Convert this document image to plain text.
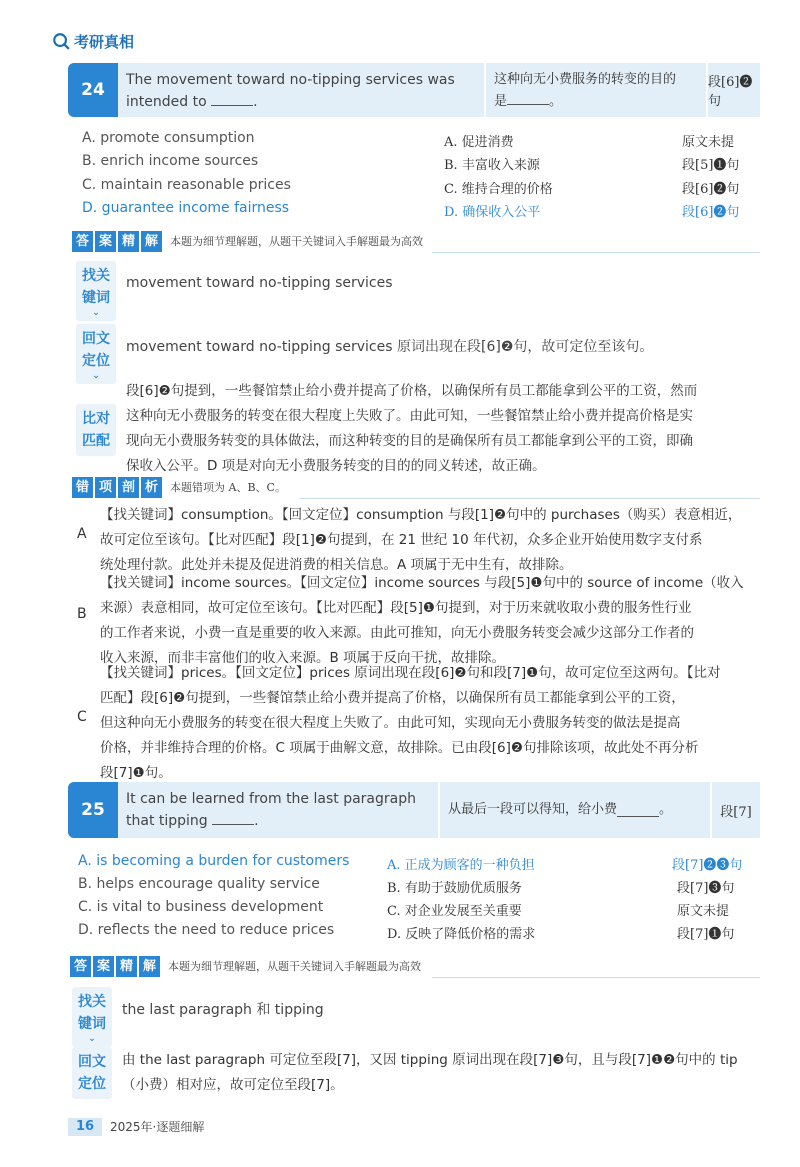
考研真相
24	The movement toward no-tipping services was
intended to	.
这种向无小费服务的转变的目的
是	。
段[6]❷句
A. promote consumption	A. 促进消费	原文未提
B. enrich income sources	B. 丰富收入来源	段[5]❶句
C. maintain reasonable prices	C. 维持合理的价格	段[6]❷句
D. guarantee income fairness	D. 确保收入公平	段[6]❷句
答 案 精 解	本题为细节理解题，从题干关键词入手解题最为高效
找关
键词
⌄
movement toward no-tipping services
回文
定位
⌄
movement toward no-tipping services 原词出现在段[6]❷句，故可定位至该句。
比对
匹配
段[6]❷句提到，一些餐馆禁止给小费并提高了价格，以确保所有员工都能拿到公平的工资，然而
这种向无小费服务的转变在很大程度上失败了。由此可知，一些餐馆禁止给小费并提高价格是实
现向无小费服务转变的具体做法，而这种转变的目的是确保所有员工都能拿到公平的工资，即确
保收入公平。D 项是对向无小费服务转变的目的的同义转述，故正确。
错 项 剖 析	本题错项为 A、B、C。
A
【找关键词】consumption。【回文定位】consumption 与段[1]❷句中的 purchases（购买）表意相近，
故可定位至该句。【比对匹配】段[1]❷句提到，在 21 世纪 10 年代初，众多企业开始使用数字支付系
统处理付款。此处并未提及促进消费的相关信息。A 项属于无中生有，故排除。
B
【找关键词】income sources。【回文定位】income sources 与段[5]❶句中的 source of income（收入
来源）表意相同，故可定位至该句。【比对匹配】段[5]❶句提到，对于历来就收取小费的服务性行业
的工作者来说，小费一直是重要的收入来源。由此可推知，向无小费服务转变会减少这部分工作者的
收入来源，而非丰富他们的收入来源。B 项属于反向干扰，故排除。
C
【找关键词】prices。【回文定位】prices 原词出现在段[6]❷句和段[7]❶句，故可定位至这两句。【比对
匹配】段[6]❷句提到，一些餐馆禁止给小费并提高了价格，以确保所有员工都能拿到公平的工资，
但这种向无小费服务的转变在很大程度上失败了。由此可知，实现向无小费服务转变的做法是提高
价格，并非维持合理的价格。C 项属于曲解文意，故排除。已由段[6]❷句排除该项，故此处不再分析
段[7]❶句。
25
It can be learned from the last paragraph
that tipping	.
从最后一段可以得知，给小费	。	段[7]
A. is becoming a burden for customers	A. 正成为顾客的一种负担	段[7]❷❸句
B. helps encourage quality service	B. 有助于鼓励优质服务	段[7]❸句
C. is vital to business development	C. 对企业发展至关重要	原文未提
D. reflects the need to reduce prices	D. 反映了降低价格的需求	段[7]❶句
答 案 精 解	本题为细节理解题，从题干关键词入手解题最为高效
找关
键词
⌄
the last paragraph 和 tipping
回文
定位
由 the last paragraph 可定位至段[7]，又因 tipping 原词出现在段[7]❸句，且与段[7]❶❷句中的 tip
（小费）相对应，故可定位至段[7]。
16	2025年·逐题细解
